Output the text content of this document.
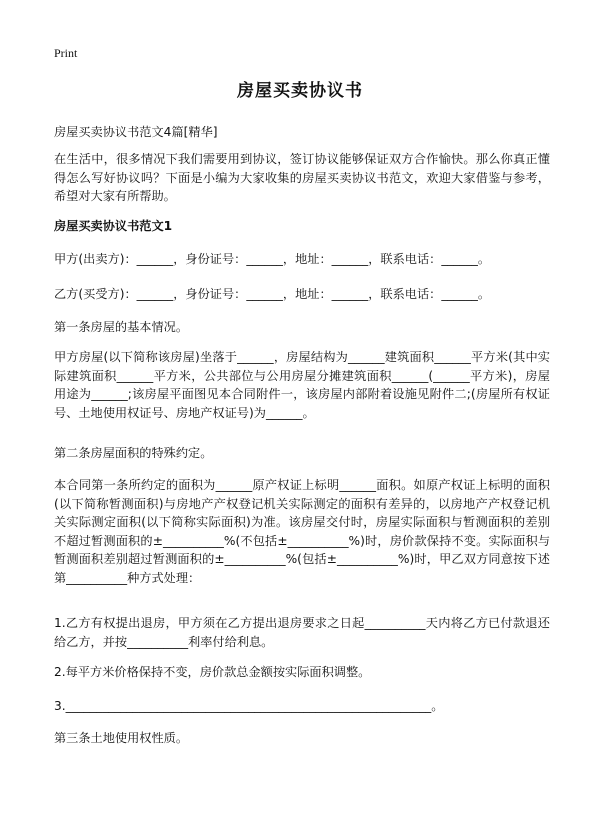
Print
房屋买卖协议书
房屋买卖协议书范文4篇[精华]
在生活中，很多情况下我们需要用到协议，签订协议能够保证双方合作愉快。那么你真正懂得怎么写好协议吗？下面是小编为大家收集的房屋买卖协议书范文，欢迎大家借鉴与参考，希望对大家有所帮助。
房屋买卖协议书范文1
甲方(出卖方)：______，身份证号：______，地址：______，联系电话：______。
乙方(买受方)：______，身份证号：______，地址：______，联系电话：______。
第一条房屋的基本情况。
甲方房屋(以下简称该房屋)坐落于______，房屋结构为______建筑面积______平方米(其中实际建筑面积______平方米，公共部位与公用房屋分摊建筑面积______(______平方米)，房屋用途为______;该房屋平面图见本合同附件一，该房屋内部附着设施见附件二;(房屋所有权证号、土地使用权证号、房地产权证号)为______。
第二条房屋面积的特殊约定。
本合同第一条所约定的面积为______原产权证上标明______面积。如原产权证上标明的面积(以下简称暂测面积)与房地产产权登记机关实际测定的面积有差异的，以房地产产权登记机关实际测定面积(以下简称实际面积)为准。该房屋交付时，房屋实际面积与暂测面积的差别不超过暂测面积的±__________%(不包括±__________%)时，房价款保持不变。实际面积与暂测面积差别超过暂测面积的±__________%(包括±__________%)时，甲乙双方同意按下述第__________种方式处理：
1.乙方有权提出退房，甲方须在乙方提出退房要求之日起__________天内将乙方已付款退还给乙方，并按__________利率付给利息。
2.每平方米价格保持不变，房价款总金额按实际面积调整。
3.____________________________________________________________。
第三条土地使用权性质。
